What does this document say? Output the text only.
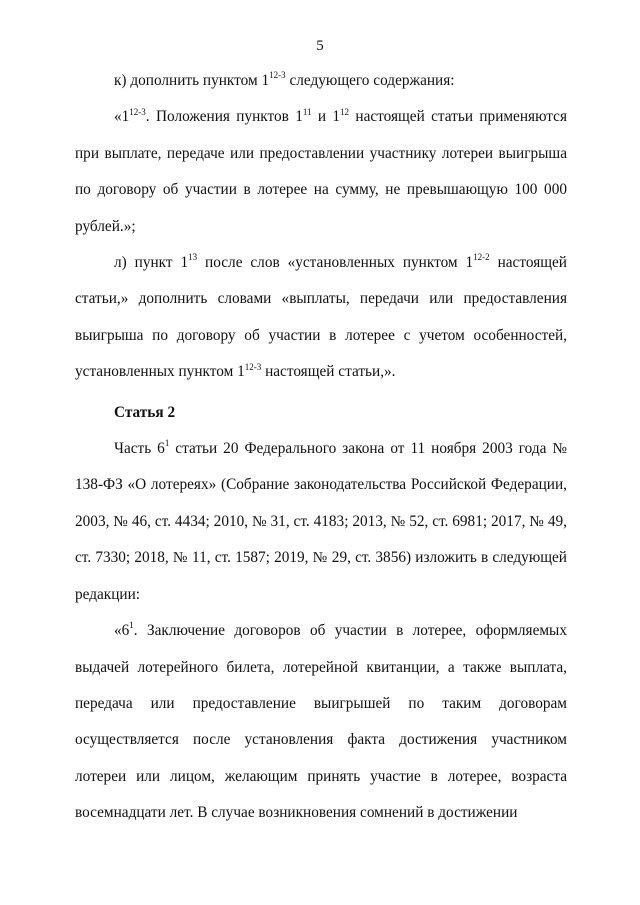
5

к) дополнить пунктом 1$^{12-3}$ следующего содержания:

«1$^{12-3}$. Положения пунктов $1^{11}$ и $1^{12}$ настоящей статьи применяются при выплате, передаче или предоставлении участнику лотереи выигрыша по договору об участии в лотерее на сумму, не превышающую 100 000 рублей.»;

л) пункт $1^{13}$ после слов «установленных пунктом 1$^{12-2}$ настоящей статьи,» дополнить словами «выплаты, передачи или предоставления выигрыша по договору об участии в лотерее с учетом особенностей, установленных пунктом 1$^{12-3}$ настоящей статьи,».

Статья 2

Часть $6^1$ статьи 20 Федерального закона от 11 ноября 2003 года № 138-ФЗ «О лотереях» (Собрание законодательства Российской Федерации, 2003, № 46, ст. 4434; 2010, № 31, ст. 4183; 2013, № 52, ст. 6981; 2017, № 49, ст. 7330; 2018, № 11, ст. 1587; 2019, № 29, ст. 3856) изложить в следующей редакции:

«$6^1$. Заключение договоров об участии в лотерее, оформляемых выдачей лотерейного билета, лотерейной квитанции, а также выплата, передача или предоставление выигрышей по таким договорам осуществляется после установления факта достижения участником лотереи или лицом, желающим принять участие в лотерее, возраста восемнадцати лет. В случае возникновения сомнений в достижении
